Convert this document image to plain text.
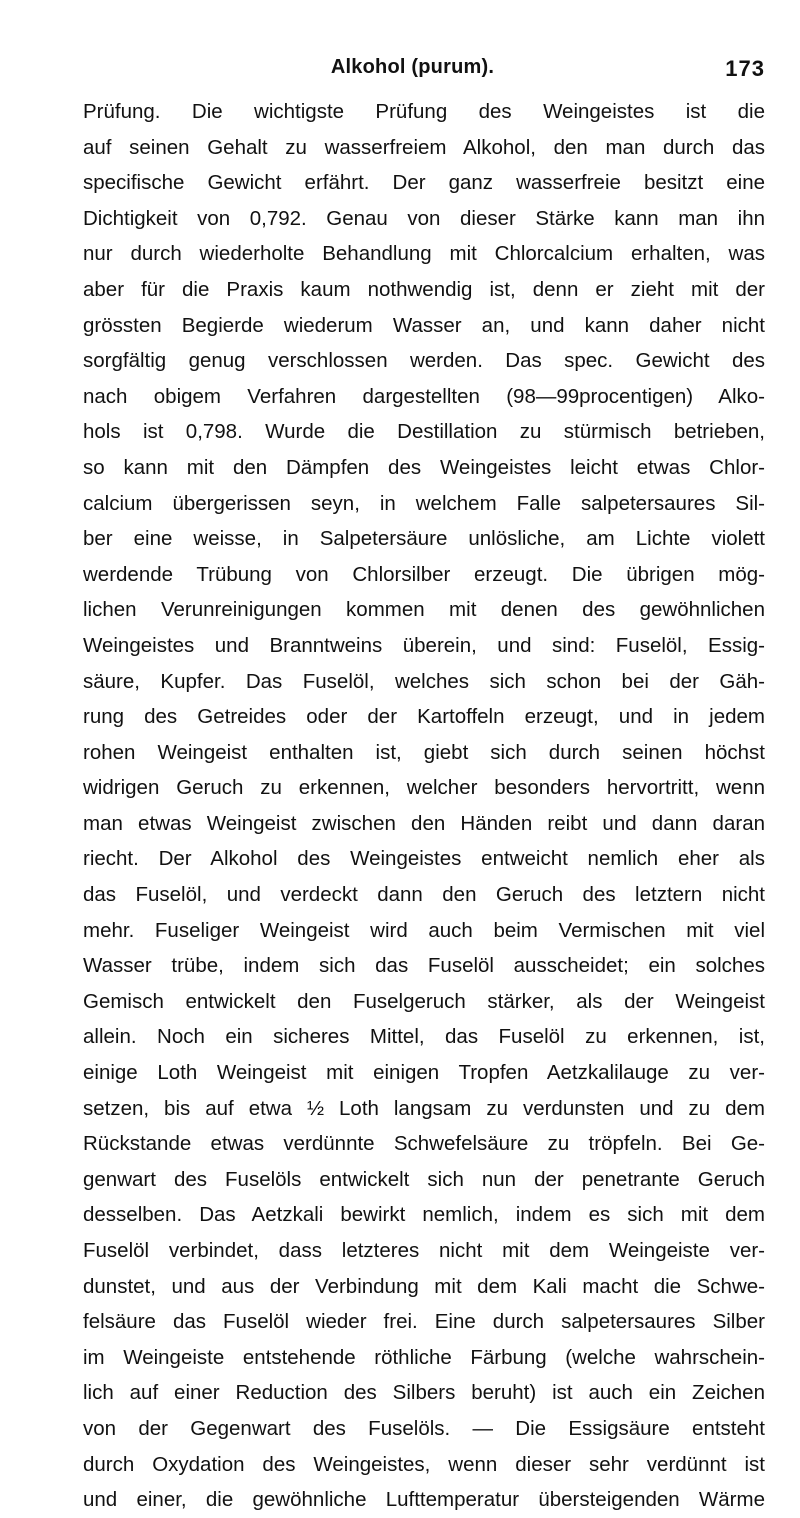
Alkohol (purum).	173
Prüfung. Die wichtigste Prüfung des Weingeistes ist die
auf seinen Gehalt zu wasserfreiem Alkohol, den man durch das
specifische Gewicht erfährt. Der ganz wasserfreie besitzt eine
Dichtigkeit von 0,792. Genau von dieser Stärke kann man ihn
nur durch wiederholte Behandlung mit Chlorcalcium erhalten, was
aber für die Praxis kaum nothwendig ist, denn er zieht mit der
grössten Begierde wiederum Wasser an, und kann daher nicht
sorgfältig genug verschlossen werden. Das spec. Gewicht des
nach obigem Verfahren dargestellten (98—99procentigen) Alko-
hols ist 0,798. Wurde die Destillation zu stürmisch betrieben,
so kann mit den Dämpfen des Weingeistes leicht etwas Chlor-
calcium übergerissen seyn, in welchem Falle salpetersaures Sil-
ber eine weisse, in Salpetersäure unlösliche, am Lichte violett
werdende Trübung von Chlorsilber erzeugt. Die übrigen mög-
lichen Verunreinigungen kommen mit denen des gewöhnlichen
Weingeistes und Branntweins überein, und sind: Fuselöl, Essig-
säure, Kupfer. Das Fuselöl, welches sich schon bei der Gäh-
rung des Getreides oder der Kartoffeln erzeugt, und in jedem
rohen Weingeist enthalten ist, giebt sich durch seinen höchst
widrigen Geruch zu erkennen, welcher besonders hervortritt, wenn
man etwas Weingeist zwischen den Händen reibt und dann daran
riecht. Der Alkohol des Weingeistes entweicht nemlich eher als
das Fuselöl, und verdeckt dann den Geruch des letztern nicht
mehr. Fuseliger Weingeist wird auch beim Vermischen mit viel
Wasser trübe, indem sich das Fuselöl ausscheidet; ein solches
Gemisch entwickelt den Fuselgeruch stärker, als der Weingeist
allein. Noch ein sicheres Mittel, das Fuselöl zu erkennen, ist,
einige Loth Weingeist mit einigen Tropfen Aetzkalilauge zu ver-
setzen, bis auf etwa ½ Loth langsam zu verdunsten und zu dem
Rückstande etwas verdünnte Schwefelsäure zu tröpfeln. Bei Ge-
genwart des Fuselöls entwickelt sich nun der penetrante Geruch
desselben. Das Aetzkali bewirkt nemlich, indem es sich mit dem
Fuselöl verbindet, dass letzteres nicht mit dem Weingeiste ver-
dunstet, und aus der Verbindung mit dem Kali macht die Schwe-
felsäure das Fuselöl wieder frei. Eine durch salpetersaures Silber
im Weingeiste entstehende röthliche Färbung (welche wahrschein-
lich auf einer Reduction des Silbers beruht) ist auch ein Zeichen
von der Gegenwart des Fuselöls. — Die Essigsäure entsteht
durch Oxydation des Weingeistes, wenn dieser sehr verdünnt ist
und einer, die gewöhnliche Lufttemperatur übersteigenden Wärme
